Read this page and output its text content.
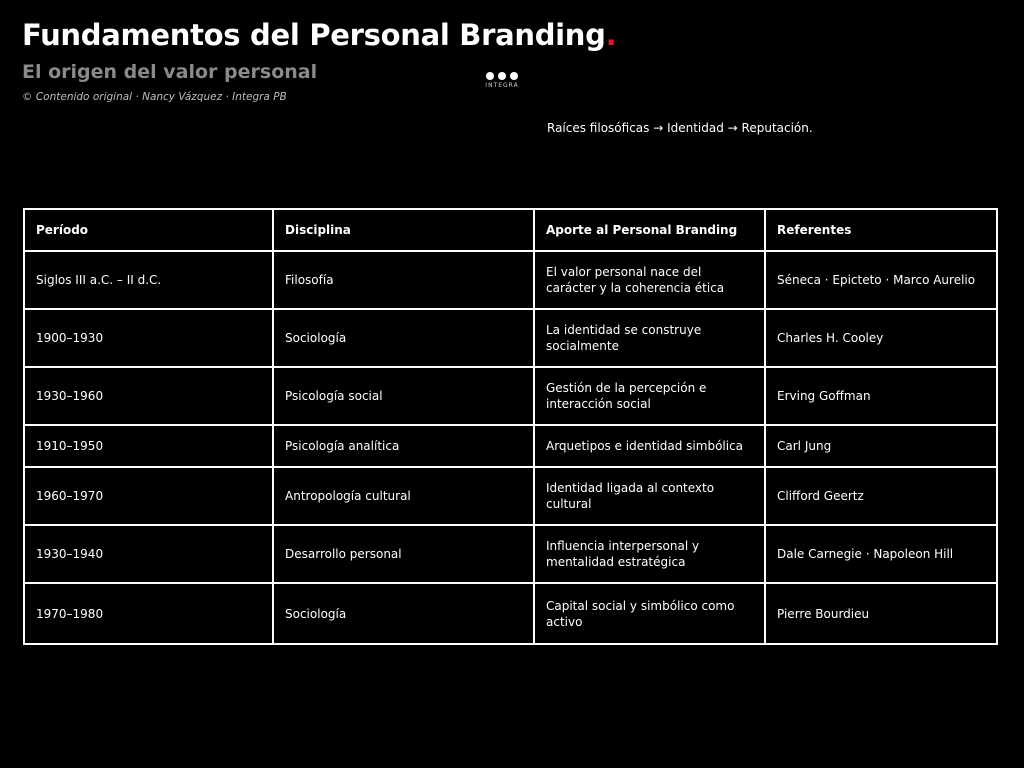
Fundamentos del Personal Branding.
El origen del valor personal
© Contenido original · Nancy Vázquez · Integra PB
INTEGRA
Raíces filosóficas → Identidad → Reputación.
Período	Disciplina	Aporte al Personal Branding	Referentes
Siglos III a.C. – II d.C.	Filosofía	El valor personal nace del carácter y la coherencia ética	Séneca · Epicteto · Marco Aurelio
1900–1930	Sociología	La identidad se construye socialmente	Charles H. Cooley
1930–1960	Psicología social	Gestión de la percepción e interacción social	Erving Goffman
1910–1950	Psicología analítica	Arquetipos e identidad simbólica	Carl Jung
1960–1970	Antropología cultural	Identidad ligada al contexto cultural	Clifford Geertz
1930–1940	Desarrollo personal	Influencia interpersonal y mentalidad estratégica	Dale Carnegie · Napoleon Hill
1970–1980	Sociología	Capital social y simbólico como activo	Pierre Bourdieu
